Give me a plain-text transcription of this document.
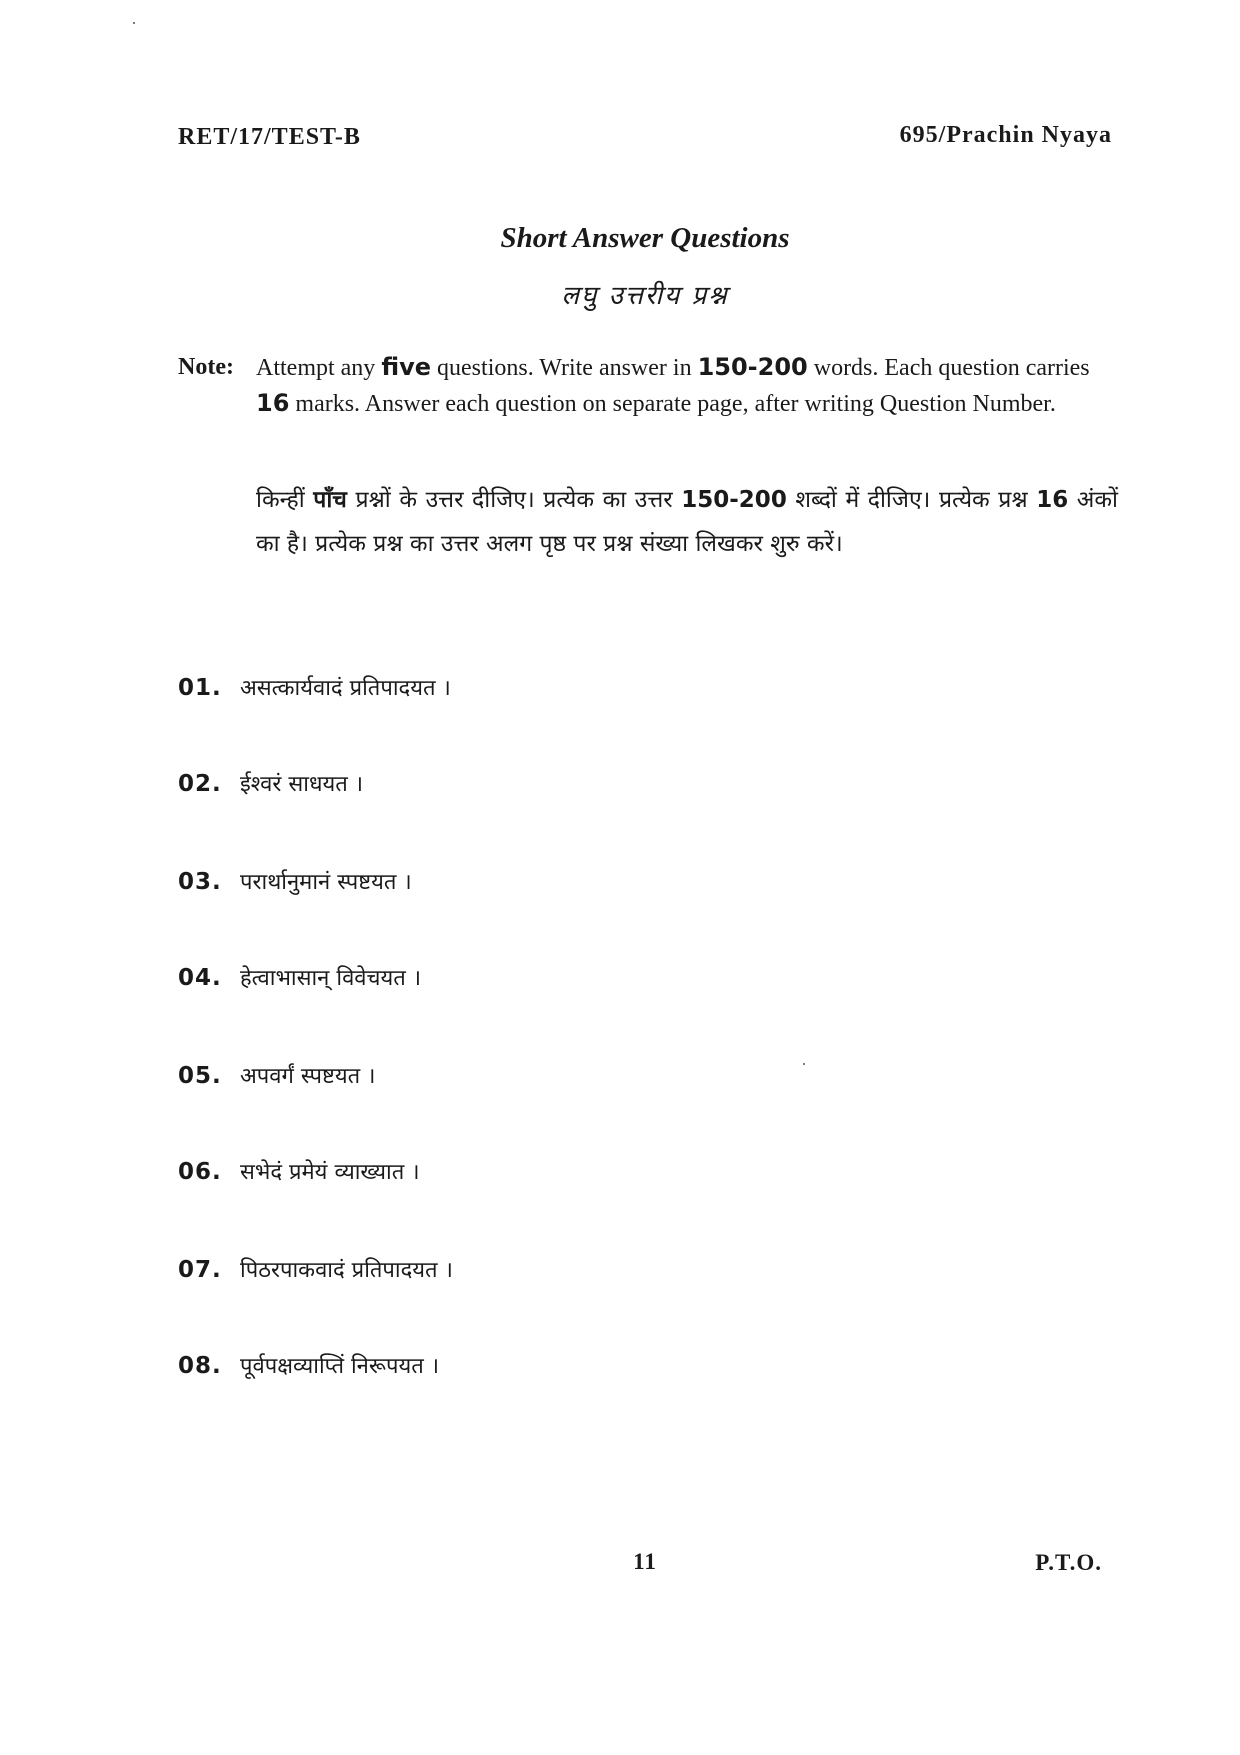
RET/17/TEST-B	695/Prachin Nyaya
Short Answer Questions
लघु उत्तरीय प्रश्न
Note: Attempt any five questions. Write answer in 150-200 words. Each question carries 16 marks. Answer each question on separate page, after writing Question Number.
किन्हीं पाँच प्रश्नों के उत्तर दीजिए। प्रत्येक का उत्तर 150-200 शब्दों में दीजिए। प्रत्येक प्रश्न 16 अंकों का है। प्रत्येक प्रश्न का उत्तर अलग पृष्ठ पर प्रश्न संख्या लिखकर शुरु करें।
01. असत्कार्यवादं प्रतिपादयत ।
02. ईश्वरं साधयत ।
03. परार्थानुमानं स्पष्टयत ।
04. हेत्वाभासान् विवेचयत ।
05. अपवर्गं स्पष्टयत ।
06. सभेदं प्रमेयं व्याख्यात ।
07. पिठरपाकवादं प्रतिपादयत ।
08. पूर्वपक्षव्याप्तिं निरूपयत ।
11	P.T.O.
